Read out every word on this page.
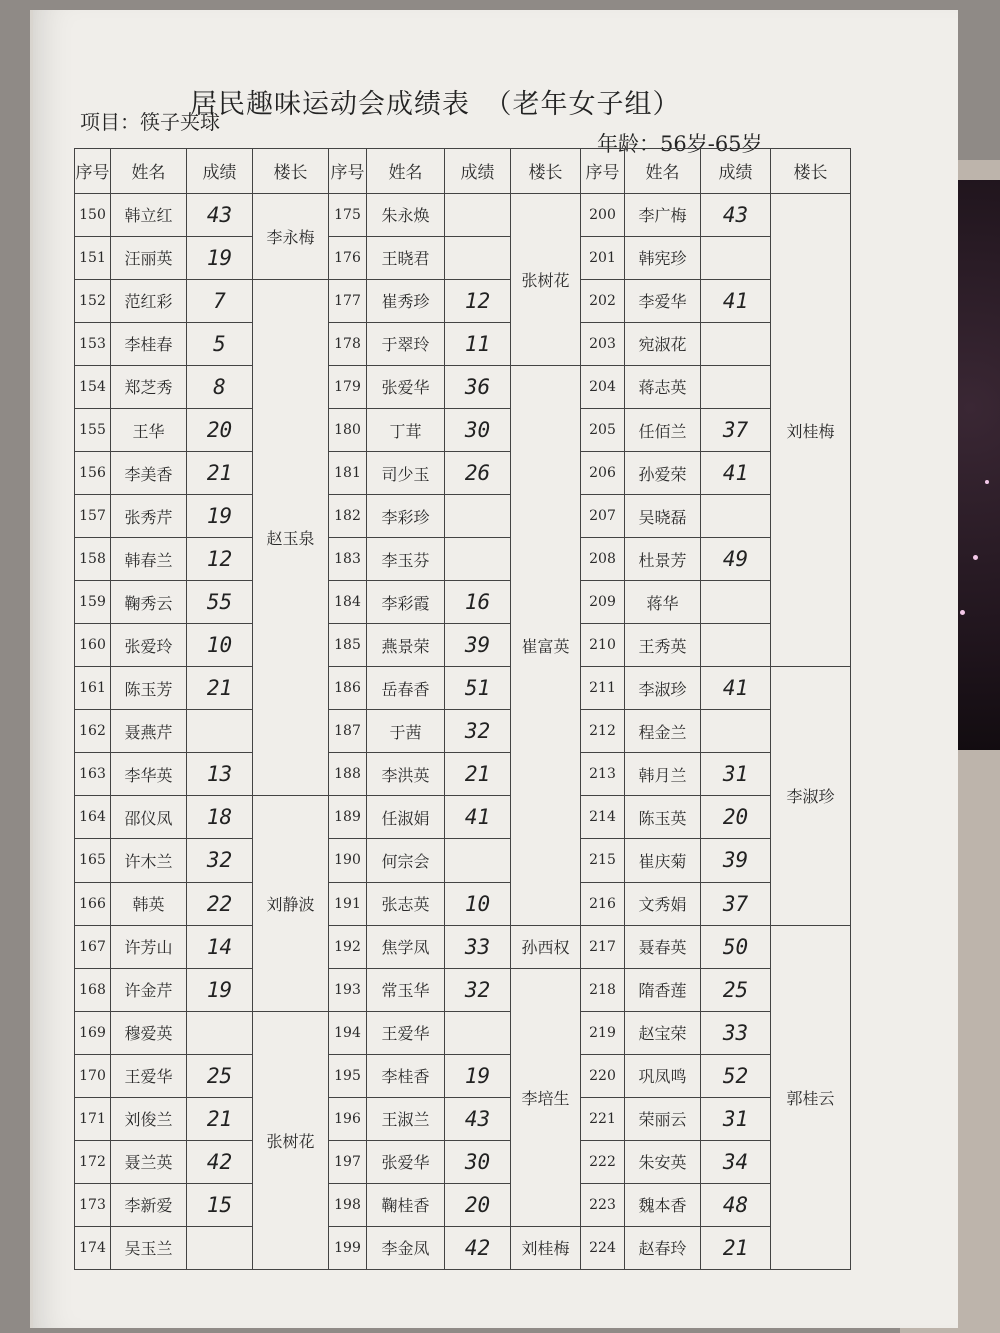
居民趣味运动会成绩表　（老年女子组）
项目：筷子夹球
年龄：56岁-65岁
序号	姓名	成绩	楼长	序号	姓名	成绩	楼长	序号	姓名	成绩	楼长
150	韩立红	43	李永梅	175	朱永焕		张树花	200	李广梅	43	刘桂梅
151	汪丽英	19		176	王晓君			201	韩宪珍		
152	范红彩	7	赵玉泉	177	崔秀珍	12		202	李爱华	41	
153	李桂春	5		178	于翠玲	11		203	宛淑花		
154	郑芝秀	8		179	张爱华	36	崔富英	204	蒋志英		
155	王华	20		180	丁茸	30		205	任佰兰	37	
156	李美香	21		181	司少玉	26		206	孙爱荣	41	
157	张秀芹	19		182	李彩珍			207	吴晓磊		
158	韩春兰	12		183	李玉芬			208	杜景芳	49	
159	鞠秀云	55		184	李彩霞	16		209	蒋华		
160	张爱玲	10		185	燕景荣	39		210	王秀英		
161	陈玉芳	21		186	岳春香	51		211	李淑珍	41	李淑珍
162	聂燕芹			187	于茜	32		212	程金兰		
163	李华英	13		188	李洪英	21		213	韩月兰	31	
164	邵仪凤	18	刘静波	189	任淑娟	41		214	陈玉英	20	
165	许木兰	32		190	何宗会			215	崔庆菊	39	
166	韩英	22		191	张志英	10		216	文秀娟	37	
167	许芳山	14		192	焦学凤	33	孙西权	217	聂春英	50	郭桂云
168	许金芹	19		193	常玉华	32	李培生	218	隋香莲	25	
169	穆爱英		张树花	194	王爱华			219	赵宝荣	33	
170	王爱华	25		195	李桂香	19		220	巩凤鸣	52	
171	刘俊兰	21		196	王淑兰	43		221	荣丽云	31	
172	聂兰英	42		197	张爱华	30		222	朱安英	34	
173	李新爱	15		198	鞠桂香	20		223	魏本香	48	
174	吴玉兰			199	李金凤	42	刘桂梅	224	赵春玲	21	
